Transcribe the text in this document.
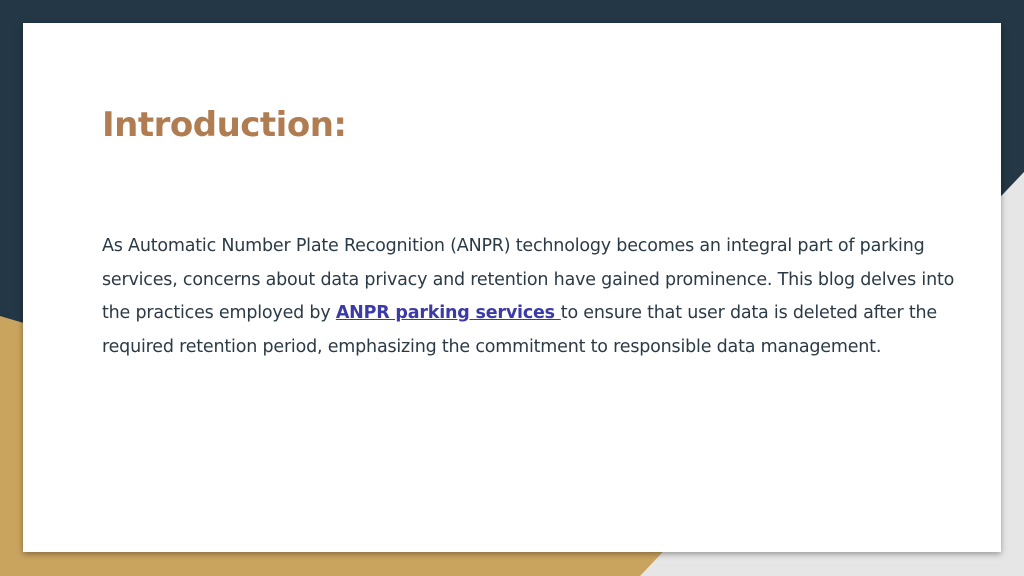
Introduction:

As Automatic Number Plate Recognition (ANPR) technology becomes an integral part of parking services, concerns about data privacy and retention have gained prominence. This blog delves into the practices employed by ANPR parking services to ensure that user data is deleted after the required retention period, emphasizing the commitment to responsible data management.
